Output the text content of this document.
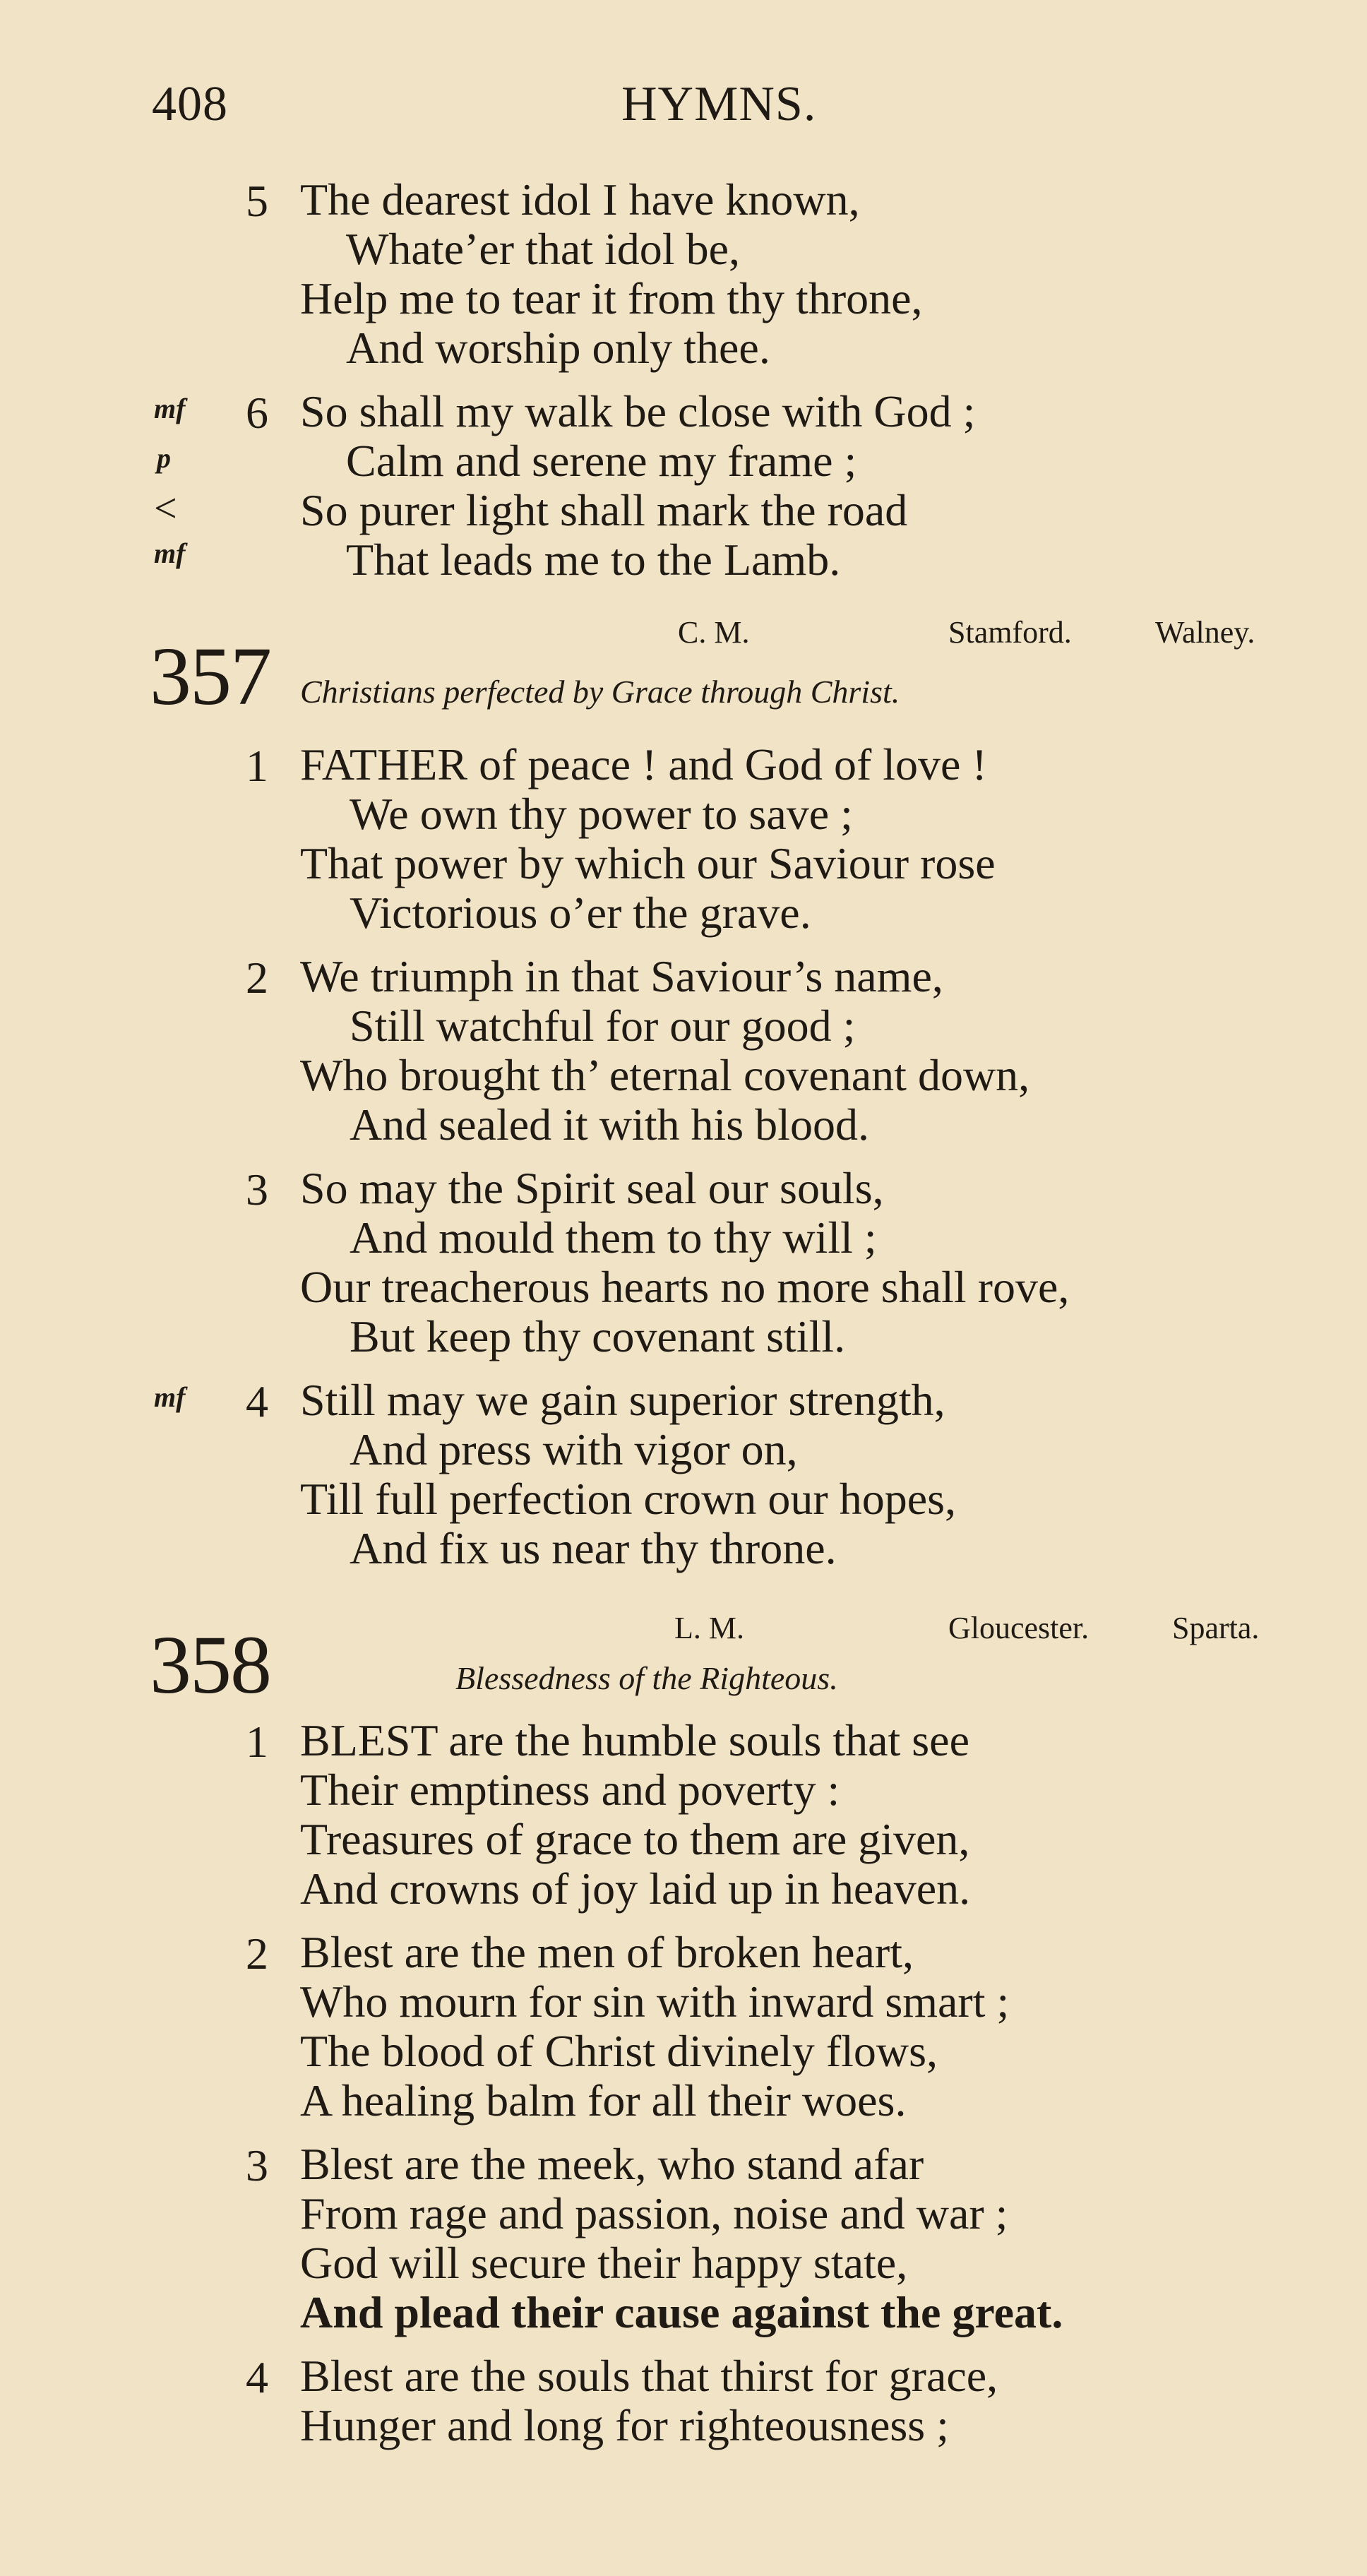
408	HYMNS.
5 The dearest idol I have known,
Whate’er that idol be,
Help me to tear it from thy throne,
And worship only thee.
mf
p
<
mf
6 So shall my walk be close with God ;
Calm and serene my frame ;
So purer light shall mark the road
That leads me to the Lamb.
C. M.	Stamford.	Walney.
357 Christians perfected by Grace through Christ.
1 FATHER of peace ! and God of love !
We own thy power to save ;
That power by which our Saviour rose
Victorious o’er the grave.
2 We triumph in that Saviour’s name,
Still watchful for our good ;
Who brought th’ eternal covenant down,
And sealed it with his blood.
3 So may the Spirit seal our souls,
And mould them to thy will ;
Our treacherous hearts no more shall rove,
But keep thy covenant still.
mf 4 Still may we gain superior strength,
And press with vigor on,
Till full perfection crown our hopes,
And fix us near thy throne.
L. M.	Gloucester.	Sparta.
358	Blessedness of the Righteous.
1 BLEST are the humble souls that see
Their emptiness and poverty :
Treasures of grace to them are given,
And crowns of joy laid up in heaven.
2 Blest are the men of broken heart,
Who mourn for sin with inward smart ;
The blood of Christ divinely flows,
A healing balm for all their woes.
3 Blest are the meek, who stand afar
From rage and passion, noise and war ;
God will secure their happy state,
And plead their cause against the great.
4 Blest are the souls that thirst for grace,
Hunger and long for righteousness ;
